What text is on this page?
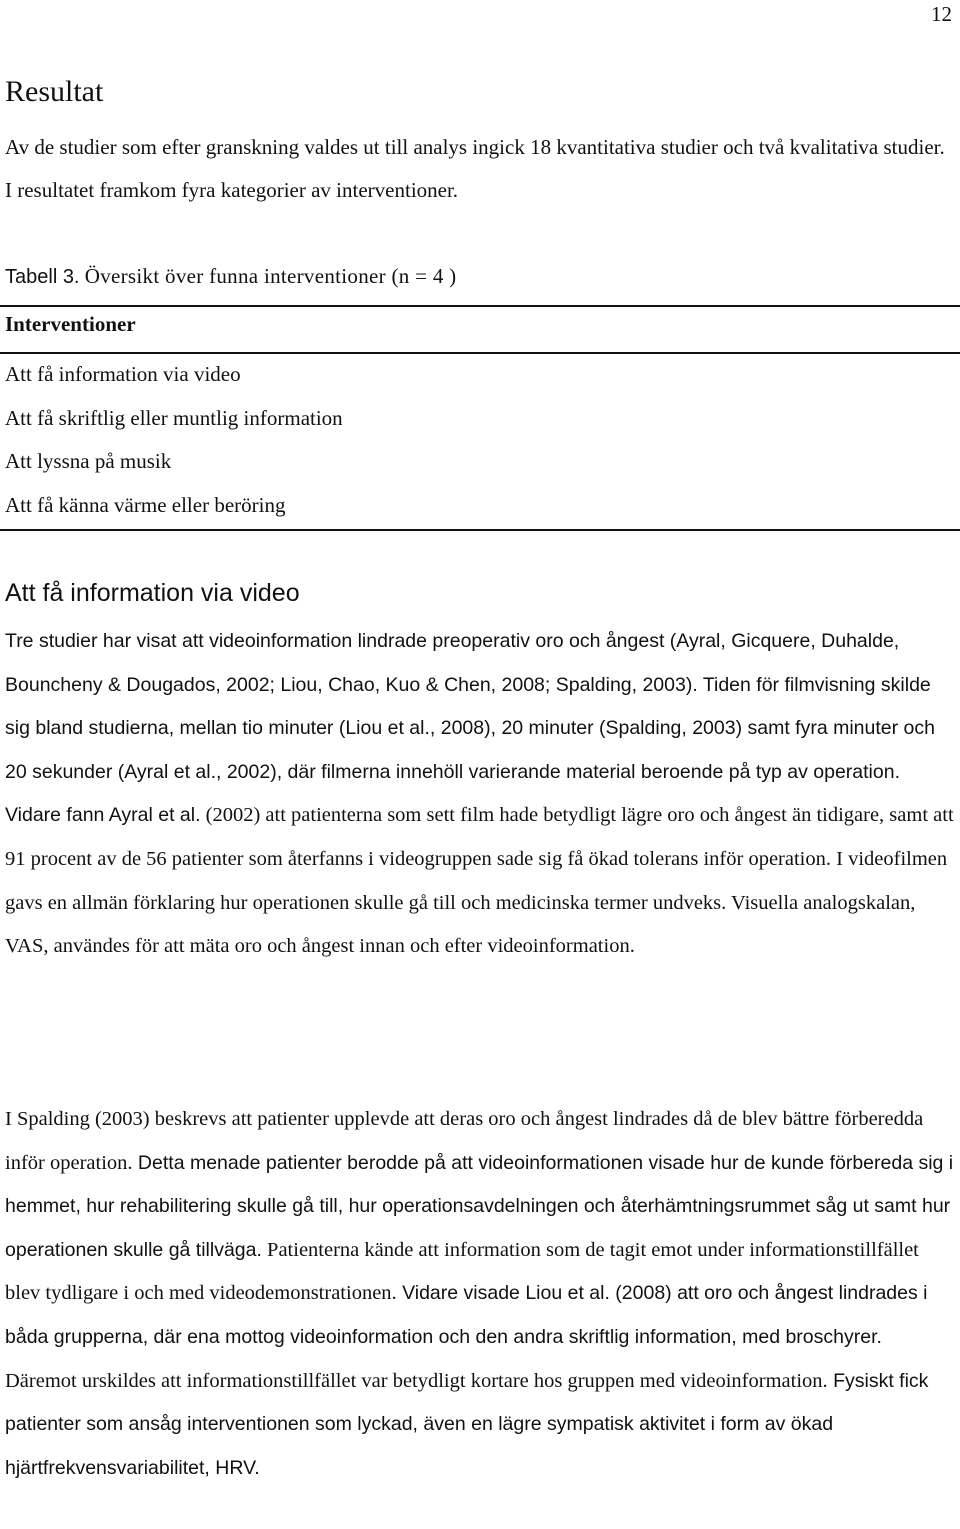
12
Resultat
Av de studier som efter granskning valdes ut till analys ingick 18 kvantitativa studier och två kvalitativa studier. I resultatet framkom fyra kategorier av interventioner.
Tabell 3. Översikt över funna interventioner (n = 4 )
Interventioner
Att få information via video
Att få skriftlig eller muntlig information
Att lyssna på musik
Att få känna värme eller beröring
Att få information via video

Tre studier har visat att videoinformation lindrade preoperativ oro och ångest (Ayral, Gicquere, Duhalde, Bouncheny & Dougados, 2002; Liou, Chao, Kuo & Chen, 2008; Spalding, 2003). Tiden för filmvisning skilde sig bland studierna, mellan tio minuter (Liou et al., 2008), 20 minuter (Spalding, 2003) samt fyra minuter och 20 sekunder (Ayral et al., 2002), där filmerna innehöll varierande material beroende på typ av operation. Vidare fann Ayral et al. (2002) att patienterna som sett film hade betydligt lägre oro och ångest än tidigare, samt att 91 procent av de 56 patienter som återfanns i videogruppen sade sig få ökad tolerans inför operation. I videofilmen gavs en allmän förklaring hur operationen skulle gå till och medicinska termer undveks. Visuella analogskalan, VAS, användes för att mäta oro och ångest innan och efter videoinformation.

I Spalding (2003) beskrevs att patienter upplevde att deras oro och ångest lindrades då de blev bättre förberedda inför operation. Detta menade patienter berodde på att videoinformationen visade hur de kunde förbereda sig i hemmet, hur rehabilitering skulle gå till, hur operationsavdelningen och återhämtningsrummet såg ut samt hur operationen skulle gå tillväga. Patienterna kände att information som de tagit emot under informationstillfället blev tydligare i och med videodemonstrationen. Vidare visade Liou et al. (2008) att oro och ångest lindrades i båda grupperna, där ena mottog videoinformation och den andra skriftlig information, med broschyrer. Däremot urskildes att informationstillfället var betydligt kortare hos gruppen med videoinformation. Fysiskt fick patienter som ansåg interventionen som lyckad, även en lägre sympatisk aktivitet i form av ökad hjärtfrekvensvariabilitet, HRV.
